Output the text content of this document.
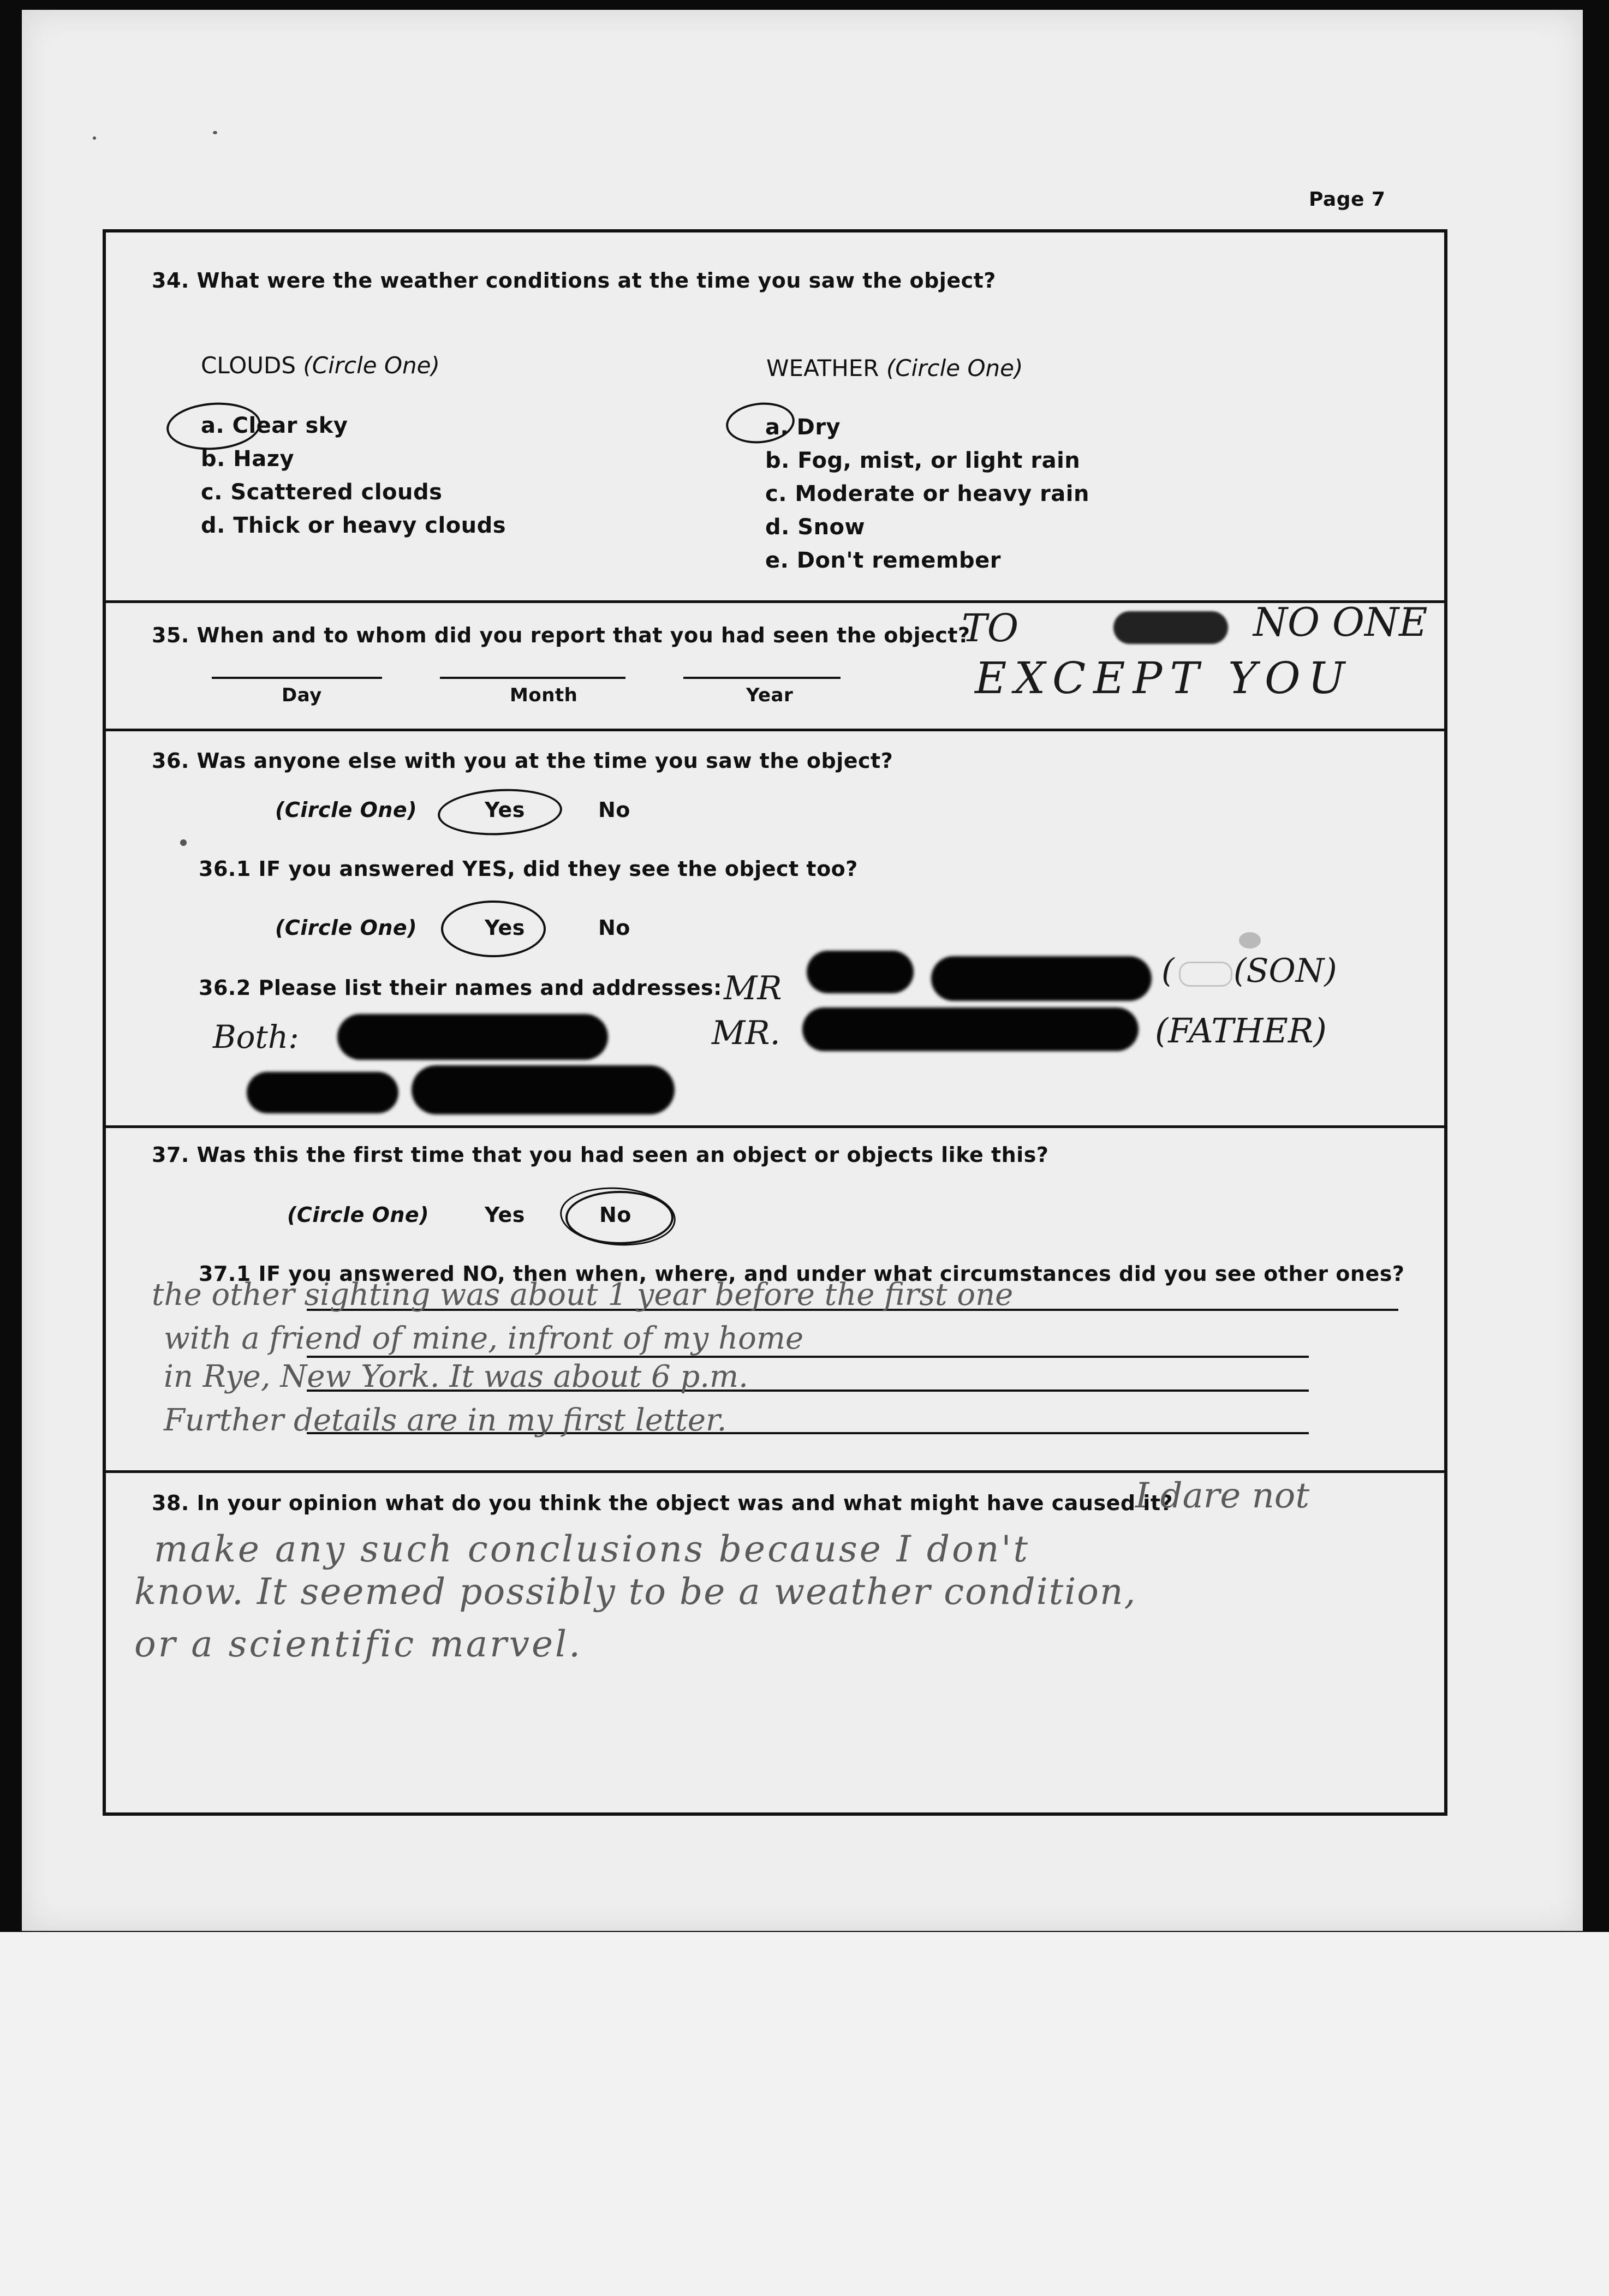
Page 7
34. What were the weather conditions at the time you saw the object?
CLOUDS (Circle One)	WEATHER (Circle One)
a. Clear sky
b. Hazy
c. Scattered clouds
d. Thick or heavy clouds
a. Dry
b. Fog, mist, or light rain
c. Moderate or heavy rain
d. Snow
e. Don't remember
35. When and to whom did you report that you had seen the object?
Day	Month	Year
TO	NO ONE
EXCEPT YOU
36. Was anyone else with you at the time you saw the object?
(Circle One)	Yes	No
36.1 IF you answered YES, did they see the object too?
(Circle One)	Yes	No
36.2 Please list their names and addresses: MR	( (SON)
MR.	(FATHER)
Both:
37. Was this the first time that you had seen an object or objects like this?
(Circle One)	Yes	No
37.1 IF you answered NO, then when, where, and under what circumstances did you see other ones?
the other sighting was about 1 year before the first one
with a friend of mine, infront of my home
in Rye, New York. It was about 6 p.m.
Further details are in my first letter.
38. In your opinion what do you think the object was and what might have caused it?
I dare not
make any such conclusions because I don't
know. It seemed possibly to be a weather condition,
or a scientific marvel.
